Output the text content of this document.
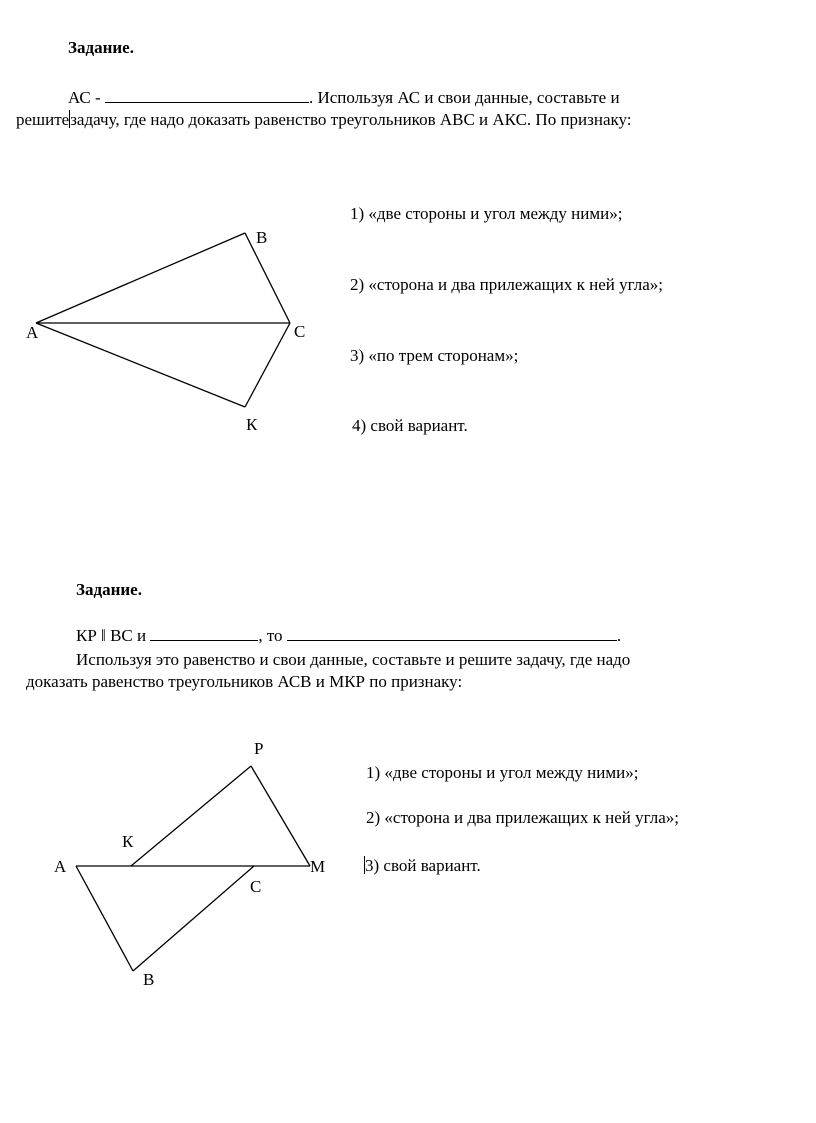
Задание.
АС -	. Используя АС и свои данные, составьте и
решитезадачу, где надо доказать равенство треугольников АВС и АКС. По признаку:
В
А	С
К
1) «две стороны и угол между ними»;
2) «сторона и два прилежащих к ней угла»;
3) «по трем сторонам»;
4) свой вариант.
Задание.
КР ‖ ВС и	, то	.
Используя это равенство и свои данные, составьте и решите задачу, где надо
доказать равенство треугольников АСВ и МКР по признаку:
Р
К
А	М
С
В
1) «две стороны и угол между ними»;
2) «сторона и два прилежащих к ней угла»;
3) свой вариант.
